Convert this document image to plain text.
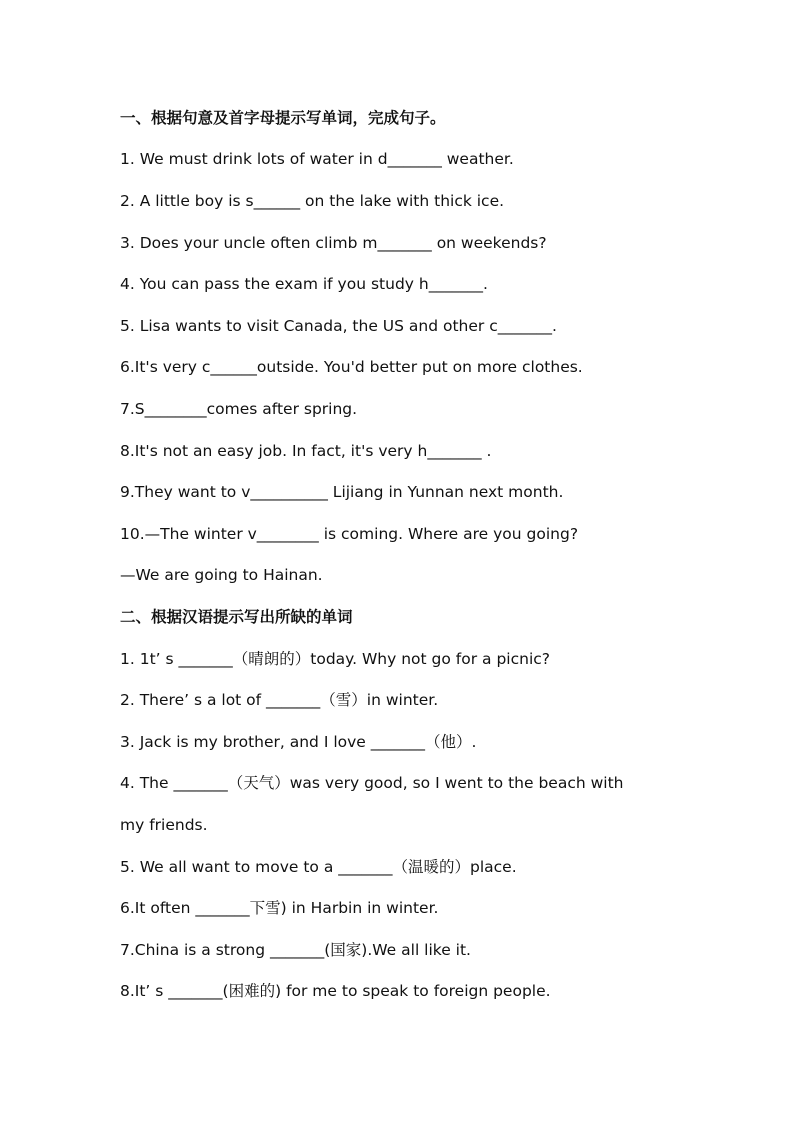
一、根据句意及首字母提示写单词，完成句子。
1. We must drink lots of water in d_______ weather.
2. A little boy is s______ on the lake with thick ice.
3. Does your uncle often climb m_______ on weekends?
4. You can pass the exam if you study h_______.
5. Lisa wants to visit Canada, the US and other c_______.
6.It's very c______outside. You'd better put on more clothes.
7.S________comes after spring.
8.It's not an easy job. In fact, it's very h_______ .
9.They want to v__________ Lijiang in Yunnan next month.
10.—The winter v________ is coming. Where are you going?
—We are going to Hainan.
二、根据汉语提示写出所缺的单词
1. 1t’ s _______（晴朗的）today. Why not go for a picnic?
2. There’ s a lot of _______（雪）in winter.
3. Jack is my brother, and I love _______（他）.
4. The _______（天气）was very good, so I went to the beach with
my friends.
5. We all want to move to a _______（温暖的）place.
6.It often _______下雪) in Harbin in winter.
7.China is a strong _______(国家).We all like it.
8.It’ s _______(困难的) for me to speak to foreign people.
